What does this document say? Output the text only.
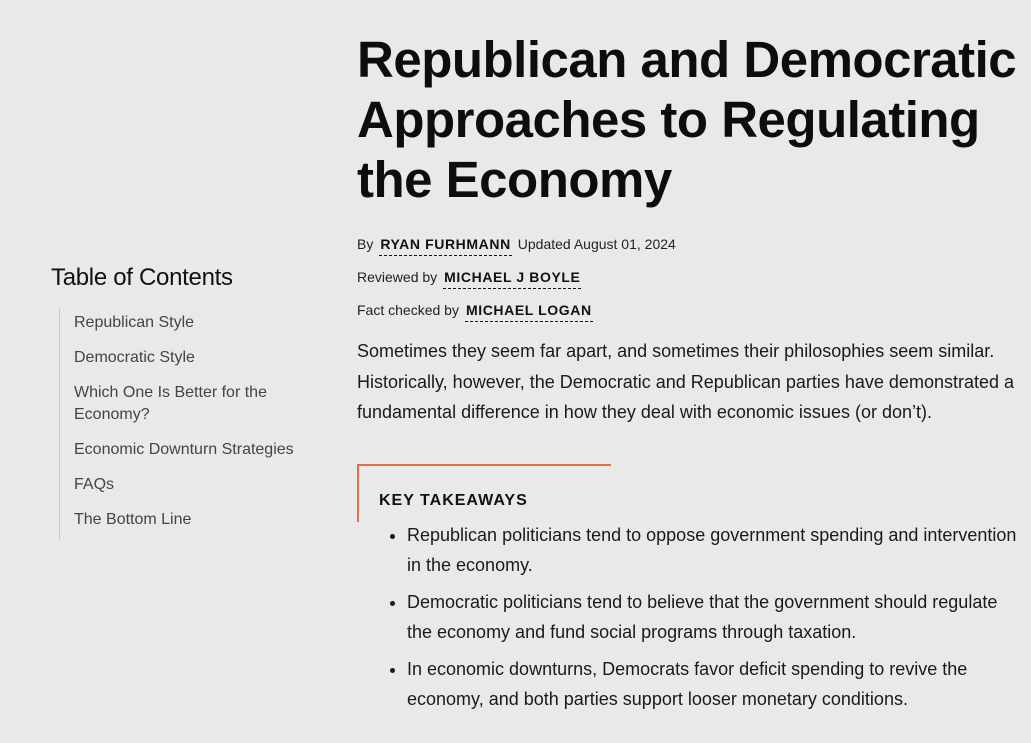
Table of Contents
Republican Style
Democratic Style
Which One Is Better for the Economy?
Economic Downturn Strategies
FAQs
The Bottom Line
Republican and Democratic Approaches to Regulating the Economy
By RYAN FURHMANN Updated August 01, 2024
Reviewed by MICHAEL J BOYLE
Fact checked by MICHAEL LOGAN

Sometimes they seem far apart, and sometimes their philosophies seem similar. Historically, however, the Democratic and Republican parties have demonstrated a fundamental difference in how they deal with economic issues (or don’t).

KEY TAKEAWAYS
• Republican politicians tend to oppose government spending and intervention in the economy.
• Democratic politicians tend to believe that the government should regulate the economy and fund social programs through taxation.
• In economic downturns, Democrats favor deficit spending to revive the economy, and both parties support looser monetary conditions.
